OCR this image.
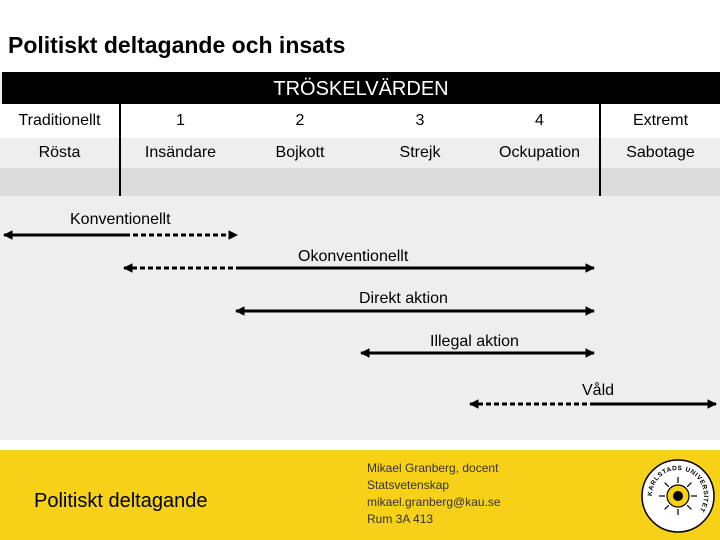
Politiskt deltagande och insats
TRÖSKELVÄRDEN
Traditionellt	1	2	3	4	Extremt
Rösta	Insändare	Bojkott	Strejk	Ockupation	Sabotage

Konventionellt
Okonventionellt
Direkt aktion
Illegal aktion
Våld
Politiskt deltagande
Mikael Granberg, docent
Statsvetenskap
mikael.granberg@kau.se
Rum 3A 413
KARLSTADS UNIVERSITET
